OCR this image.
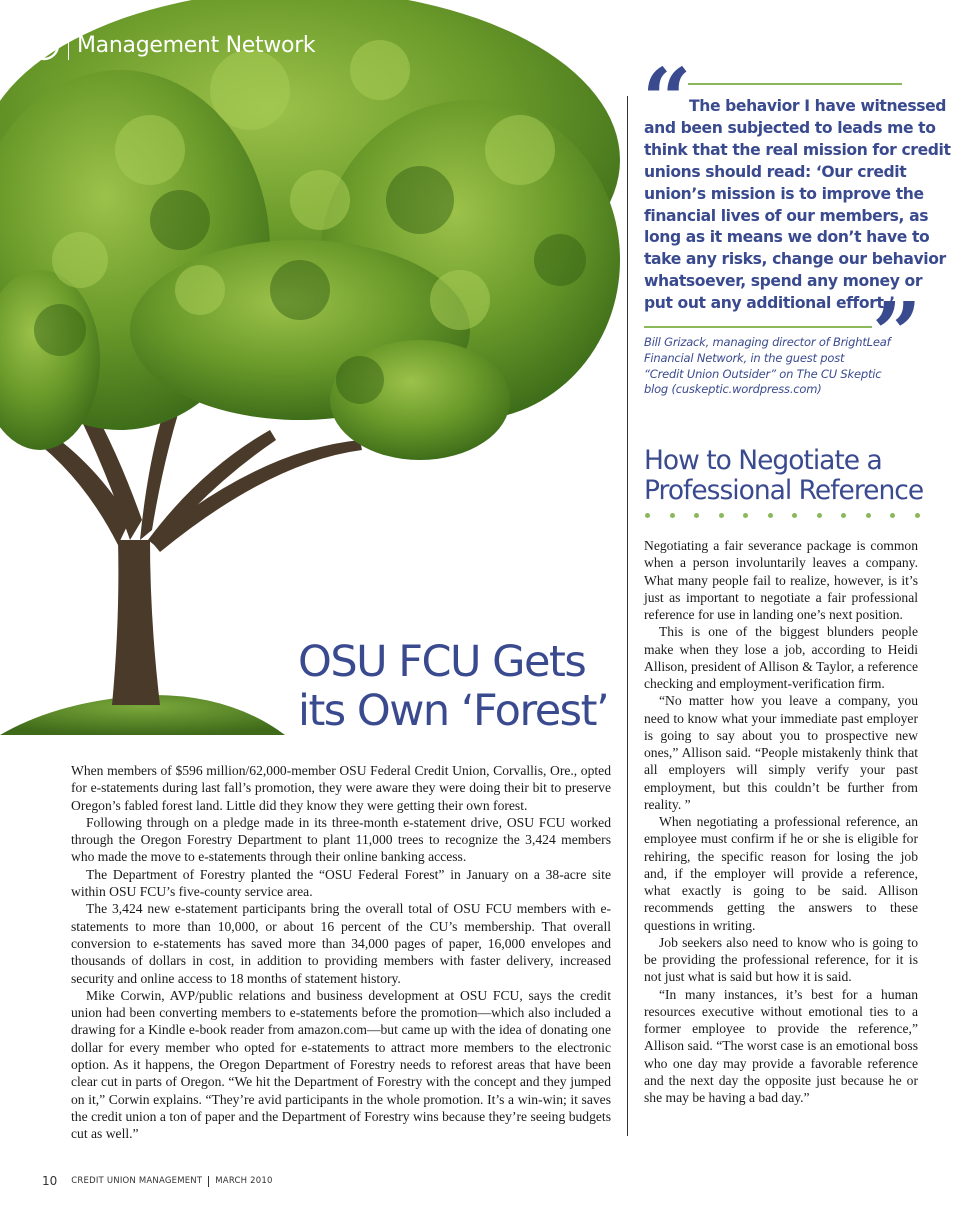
Management Network
OSU FCU Gets
its Own ‘Forest’

When members of $596 million/62,000-member OSU Federal Credit Union, Corvallis, Ore., opted for e-statements during last fall’s promotion, they were aware they were doing their bit to preserve Oregon’s fabled forest land. Little did they know they were getting their own forest.

Following through on a pledge made in its three-month e-statement drive, OSU FCU worked through the Oregon Forestry Department to plant 11,000 trees to recognize the 3,424 members who made the move to e-statements through their online banking access.

The Department of Forestry planted the “OSU Federal Forest” in January on a 38-acre site within OSU FCU’s five-county service area.

The 3,424 new e-statement participants bring the overall total of OSU FCU members with e-statements to more than 10,000, or about 16 percent of the CU’s membership. That overall conversion to e-statements has saved more than 34,000 pages of paper, 16,000 envelopes and thousands of dollars in cost, in addition to providing members with faster delivery, increased security and online access to 18 months of statement history.

Mike Corwin, AVP/public relations and business development at OSU FCU, says the credit union had been converting members to e-statements before the promotion—which also included a drawing for a Kindle e-book reader from amazon.com—but came up with the idea of donating one dollar for every member who opted for e-statements to attract more members to the electronic option. As it happens, the Oregon Department of Forestry needs to reforest areas that have been clear cut in parts of Oregon. “We hit the Department of Forestry with the concept and they jumped on it,” Corwin explains. “They’re avid participants in the whole promotion. It’s a win-win; it saves the credit union a ton of paper and the Department of Forestry wins because they’re seeing budgets cut as well.”

“
The behavior I have witnessed
and been subjected to leads me to
think that the real mission for credit
unions should read: ‘Our credit
union’s mission is to improve the
financial lives of our members, as
long as it means we don’t have to
take any risks, change our behavior
whatsoever, spend any money or
put out any additional effort.’
”
Bill Grizack, managing director of BrightLeaf
Financial Network, in the guest post
“Credit Union Outsider” on The CU Skeptic
blog (cuskeptic.wordpress.com)
How to Negotiate a
Professional Reference

Negotiating a fair severance package is common when a person involuntarily leaves a company. What many people fail to realize, however, is it’s just as important to negotiate a fair professional reference for use in landing one’s next position.

This is one of the biggest blunders people make when they lose a job, according to Heidi Allison, president of Allison & Taylor, a reference checking and employment-verification firm.

“No matter how you leave a company, you need to know what your immediate past employer is going to say about you to prospective new ones,” Allison said. “People mistakenly think that all employers will simply verify your past employment, but this couldn’t be further from reality. ”

When negotiating a professional reference, an employee must confirm if he or she is eligible for rehiring, the specific reason for losing the job and, if the employer will provide a reference, what exactly is going to be said. Allison recommends getting the answers to these questions in writing.

Job seekers also need to know who is going to be providing the professional reference, for it is not just what is said but how it is said.

“In many instances, it’s best for a human resources executive without emotional ties to a former employee to provide the reference,” Allison said. “The worst case is an emotional boss who one day may provide a favorable reference and the next day the opposite just because he or she may be having a bad day.”

10 CREDIT UNION MANAGEMENT MARCH 2010
